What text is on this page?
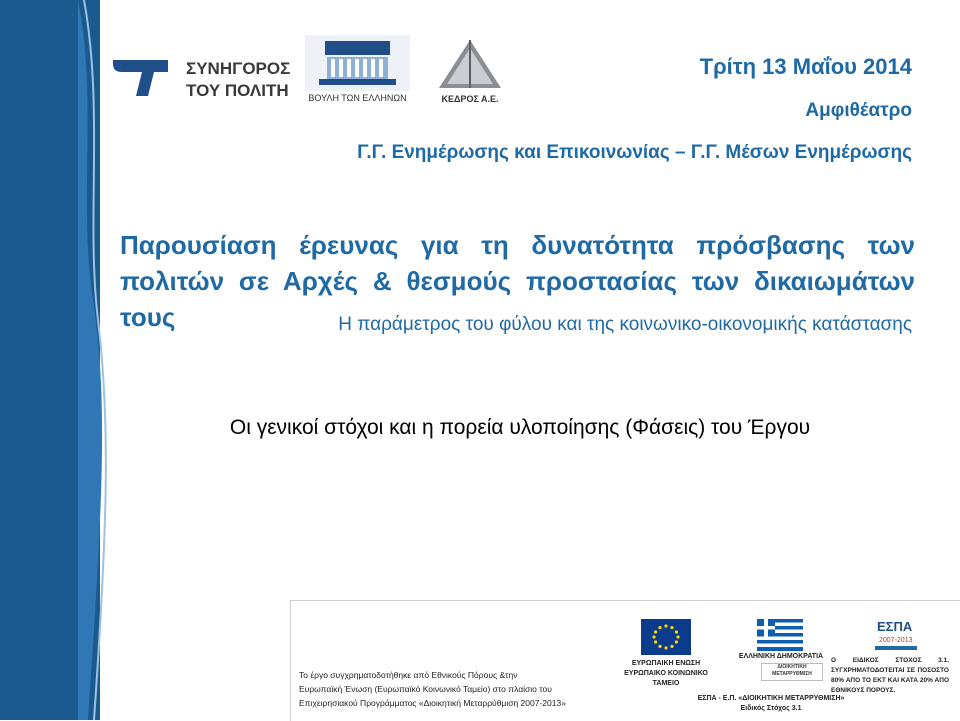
ΣΥΝΗΓΟΡΟΣ
ΤΟΥ ΠΟΛΙΤΗ	ΒΟΥΛΗ ΤΩΝ ΕΛΛΗΝΩΝ	ΚΕΔΡΟΣ Α.Ε.
Τρίτη 13 Μαΐου 2014
Αμφιθέατρο
Γ.Γ. Ενημέρωσης και Επικοινωνίας – Γ.Γ. Μέσων Ενημέρωσης
Παρουσίαση έρευνας για τη δυνατότητα πρόσβασης των
πολιτών σε Αρχές & θεσμούς προστασίας των δικαιωμάτων τους	Η παράμετρος του φύλου και της κοινωνικο-οικονομικής κατάστασης
Οι γενικοί στόχοι και η πορεία υλοποίησης (Φάσεις) του Έργου
Το έργο συγχρηματοδοτήθηκε από Εθνικούς Πόρους &την
Ευρωπαϊκή Ένωση (Ευρωπαϊκό Κοινωνικό Ταμείο) στο πλαίσιο του
Επιχειρησιακού Προγράμματος «Διοικητική Μεταρρύθμιση 2007-2013»
ΕΥΡΩΠΑΙΚΗ ΕΝΩΣΗ
ΕΥΡΩΠΑΙΚΟ ΚΟΙΝΩΝΙΚΟ
ΤΑΜΕΙΟ
ΕΛΛΗΝΙΚΗ ΔΗΜΟΚΡΑΤΙΑ
ΔΙΟΙΚΗΤΙΚΗ
ΜΕΤΑΡΡΥΘΜΙΣΗ
ΕΣΠΑ - Ε.Π. «ΔΙΟΙΚΗΤΙΚΗ ΜΕΤΑΡΡΥΘΜΙΣΗ»
Ειδικός Στόχος 3.1
ΕΣΠΑ
2007-2013
Ο ΕΙΔΙΚΟΣ ΣΤΟΧΟΣ 3.1. ΣΥΓΧΡΗΜΑΤΟΔΟΤΕΙΤΑΙ ΣΕ ΠΟΣΟΣΤΟ 80% ΑΠΟ ΤΟ ΕΚΤ ΚΑΙ ΚΑΤΑ 20% ΑΠΟ ΕΘΝΙΚΟΥΣ ΠΟΡΟΥΣ.
